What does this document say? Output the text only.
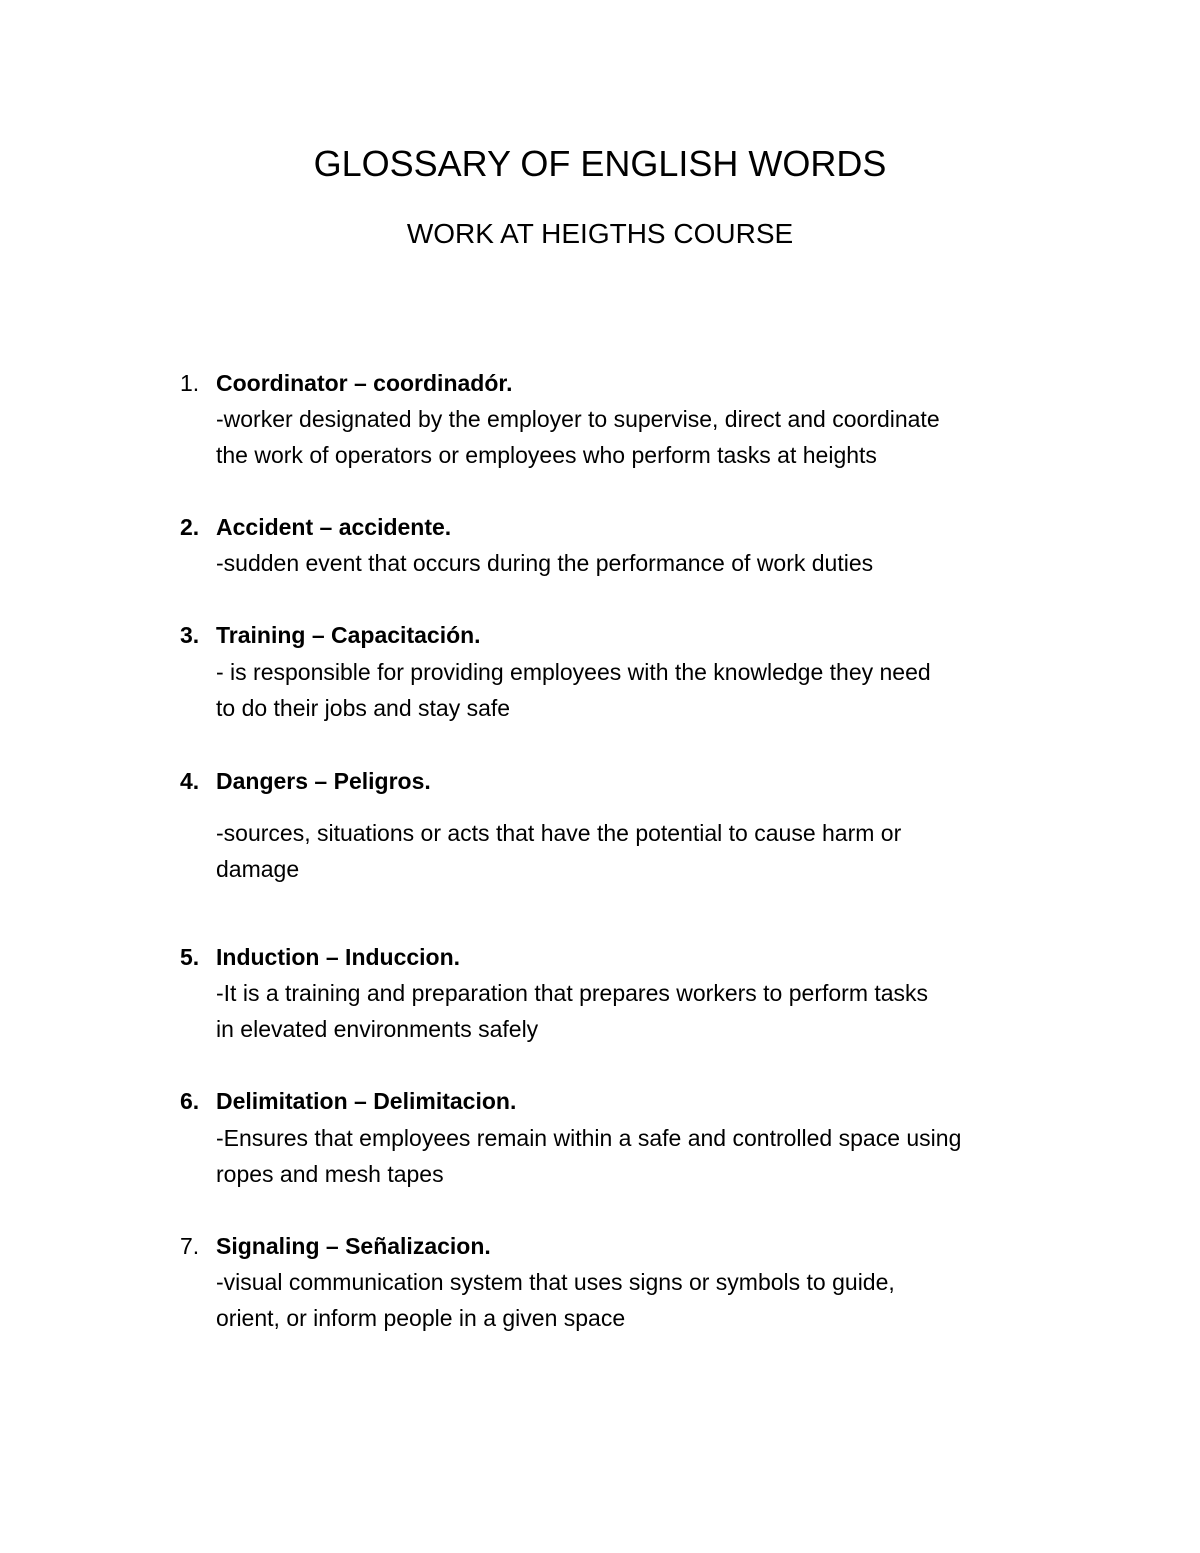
GLOSSARY OF ENGLISH WORDS
WORK AT HEIGTHS COURSE
1. Coordinator – coordinadór.
-worker designated by the employer to supervise, direct and coordinate
the work of operators or employees who perform tasks at heights
2. Accident – accidente.
-sudden event that occurs during the performance of work duties
3. Training – Capacitación.
- is responsible for providing employees with the knowledge they need
to do their jobs and stay safe
4. Dangers – Peligros.
-sources, situations or acts that have the potential to cause harm or
damage
5. Induction – Induccion.
-It is a training and preparation that prepares workers to perform tasks
in elevated environments safely
6. Delimitation – Delimitacion.
-Ensures that employees remain within a safe and controlled space using
ropes and mesh tapes
7. Signaling – Señalizacion.
-visual communication system that uses signs or symbols to guide,
orient, or inform people in a given space
